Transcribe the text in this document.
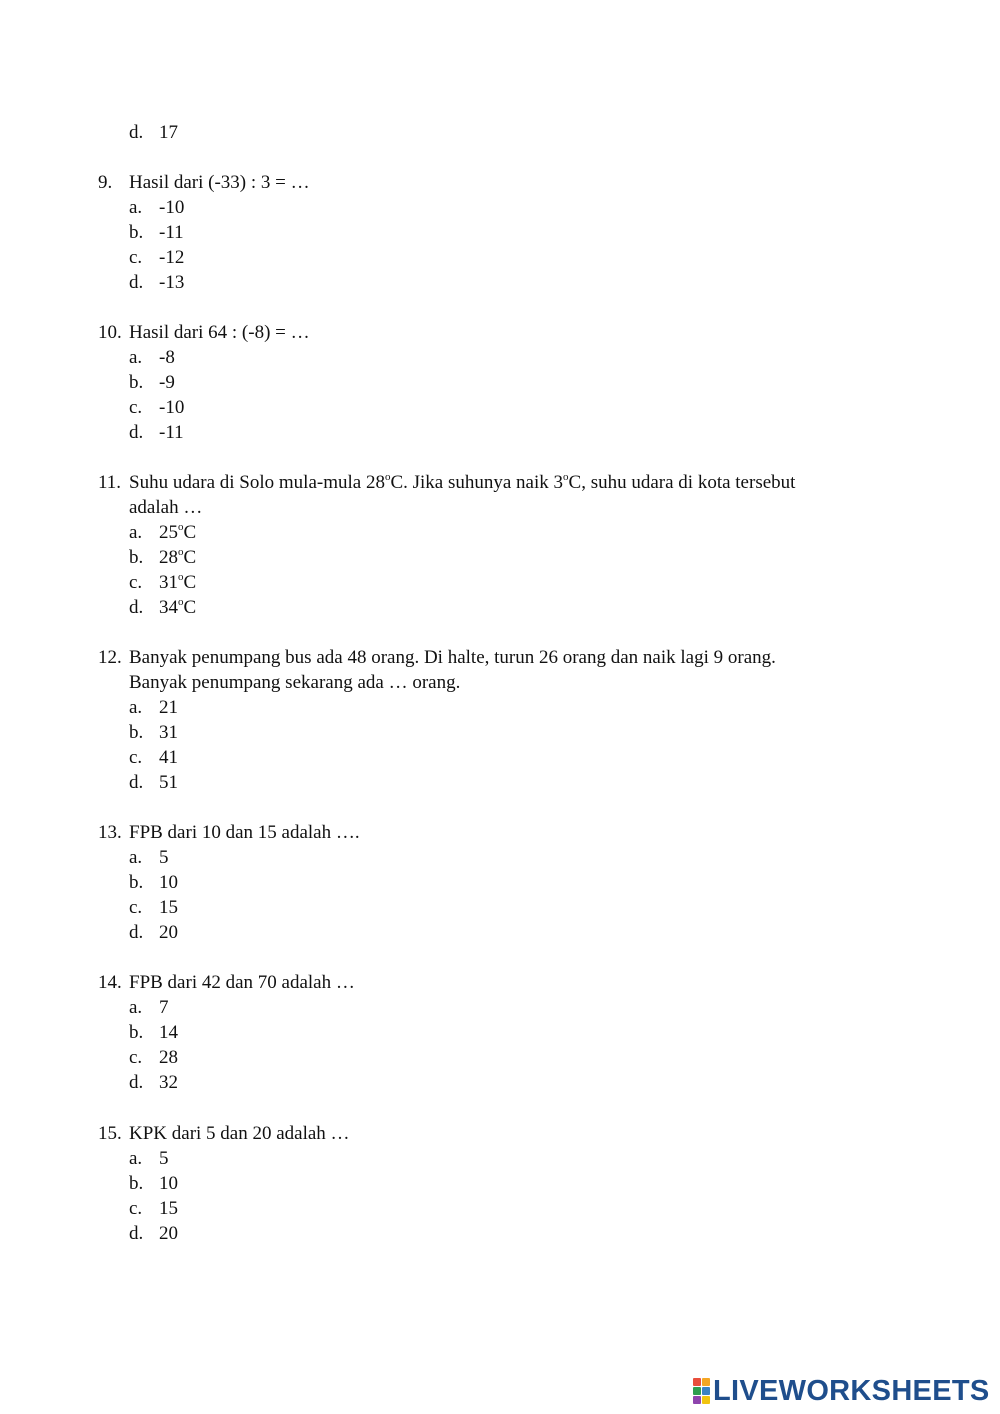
d. 17
9. Hasil dari (-33) : 3 = …
a. -10
b. -11
c. -12
d. -13
10. Hasil dari 64 : (-8) = …
a. -8
b. -9
c. -10
d. -11
11. Suhu udara di Solo mula-mula 28$^o$C. Jika suhunya naik 3$^o$C, suhu udara di kota tersebut
adalah …
a. 25$^o$C
b. 28$^o$C
c. 31$^o$C
d. 34$^o$C
12. Banyak penumpang bus ada 48 orang. Di halte, turun 26 orang dan naik lagi 9 orang.
Banyak penumpang sekarang ada … orang.
a. 21
b. 31
c. 41
d. 51
13. FPB dari 10 dan 15 adalah ….
a. 5
b. 10
c. 15
d. 20
14. FPB dari 42 dan 70 adalah …
a. 7
b. 14
c. 28
d. 32
15. KPK dari 5 dan 20 adalah …
a. 5
b. 10
c. 15
d. 20
LIVEWORKSHEETS
